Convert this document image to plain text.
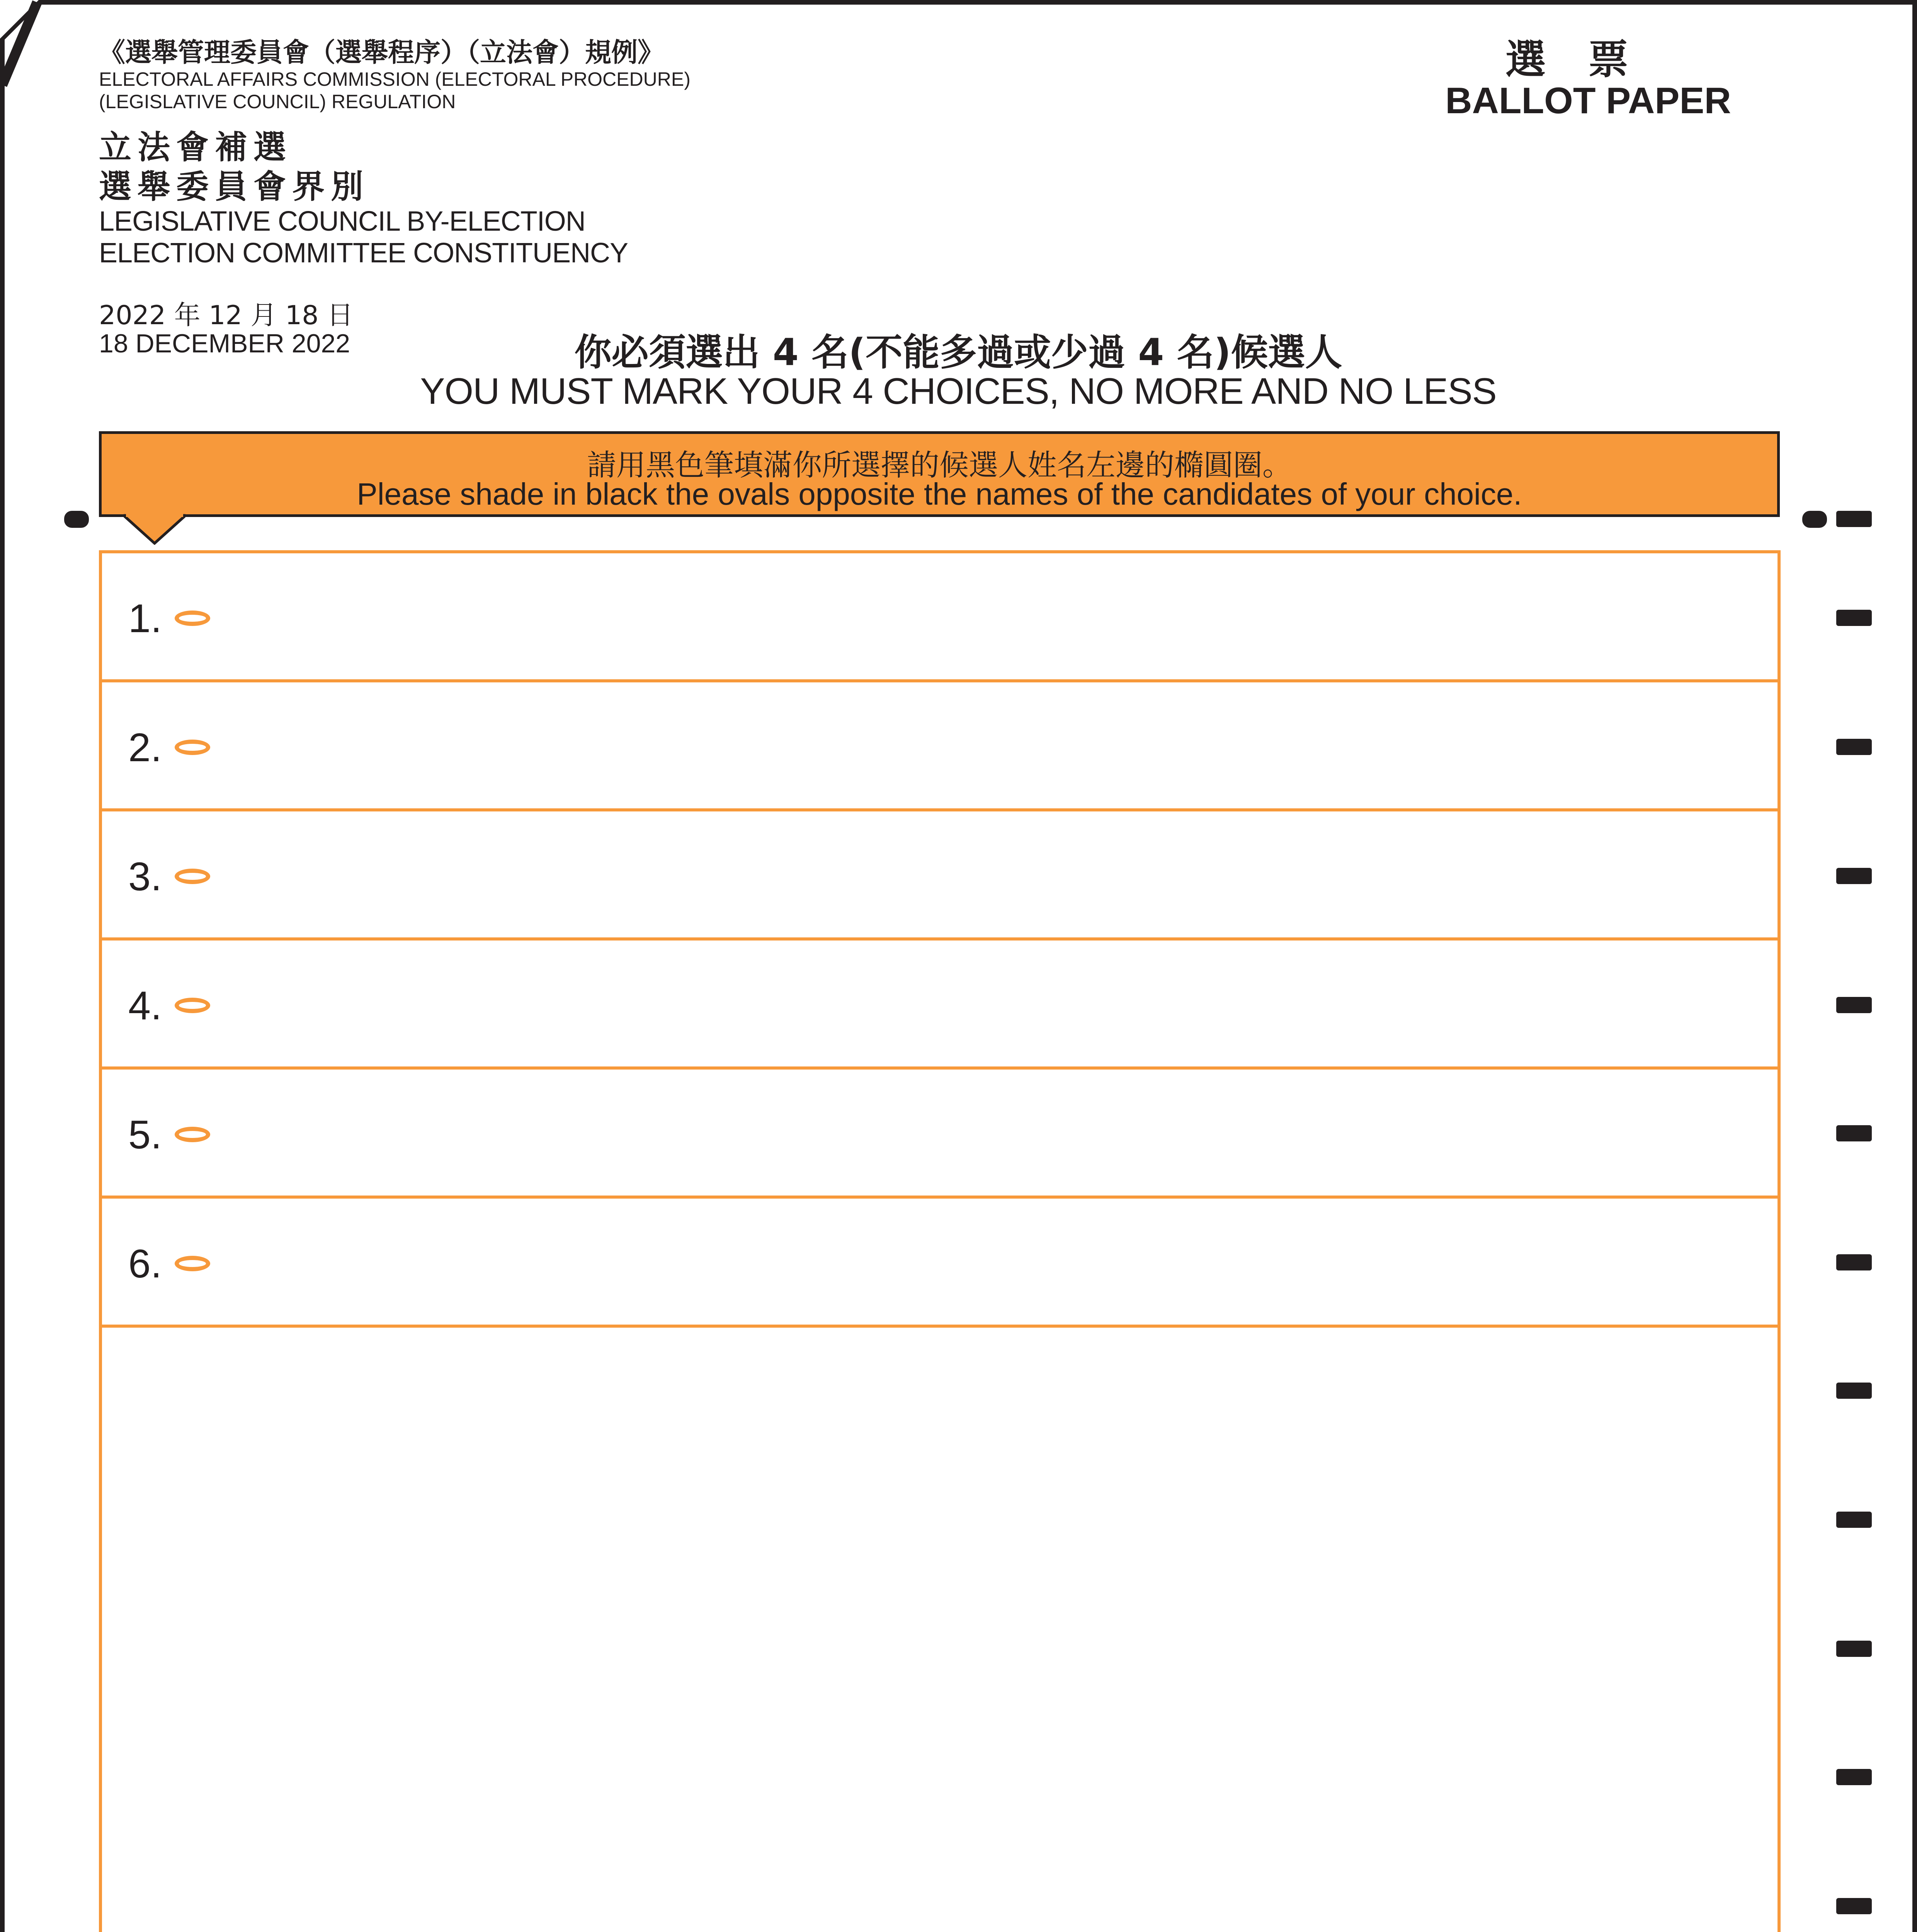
《選舉管理委員會（選舉程序）（立法會）規例》
ELECTORAL AFFAIRS COMMISSION (ELECTORAL PROCEDURE)
(LEGISLATIVE COUNCIL) REGULATION
選票
BALLOT PAPER
立法會補選
選舉委員會界別
LEGISLATIVE COUNCIL BY-ELECTION
ELECTION COMMITTEE CONSTITUENCY
2022 年 12 月 18 日
18 DECEMBER 2022	你必須選出 4 名(不能多過或少過 4 名)候選人
YOU MUST MARK YOUR 4 CHOICES, NO MORE AND NO LESS
請用黑色筆填滿你所選擇的候選人姓名左邊的橢圓圈。
Please shade in black the ovals opposite the names of the candidates of your choice.
1.
2.
3.
4.
5.
6.
